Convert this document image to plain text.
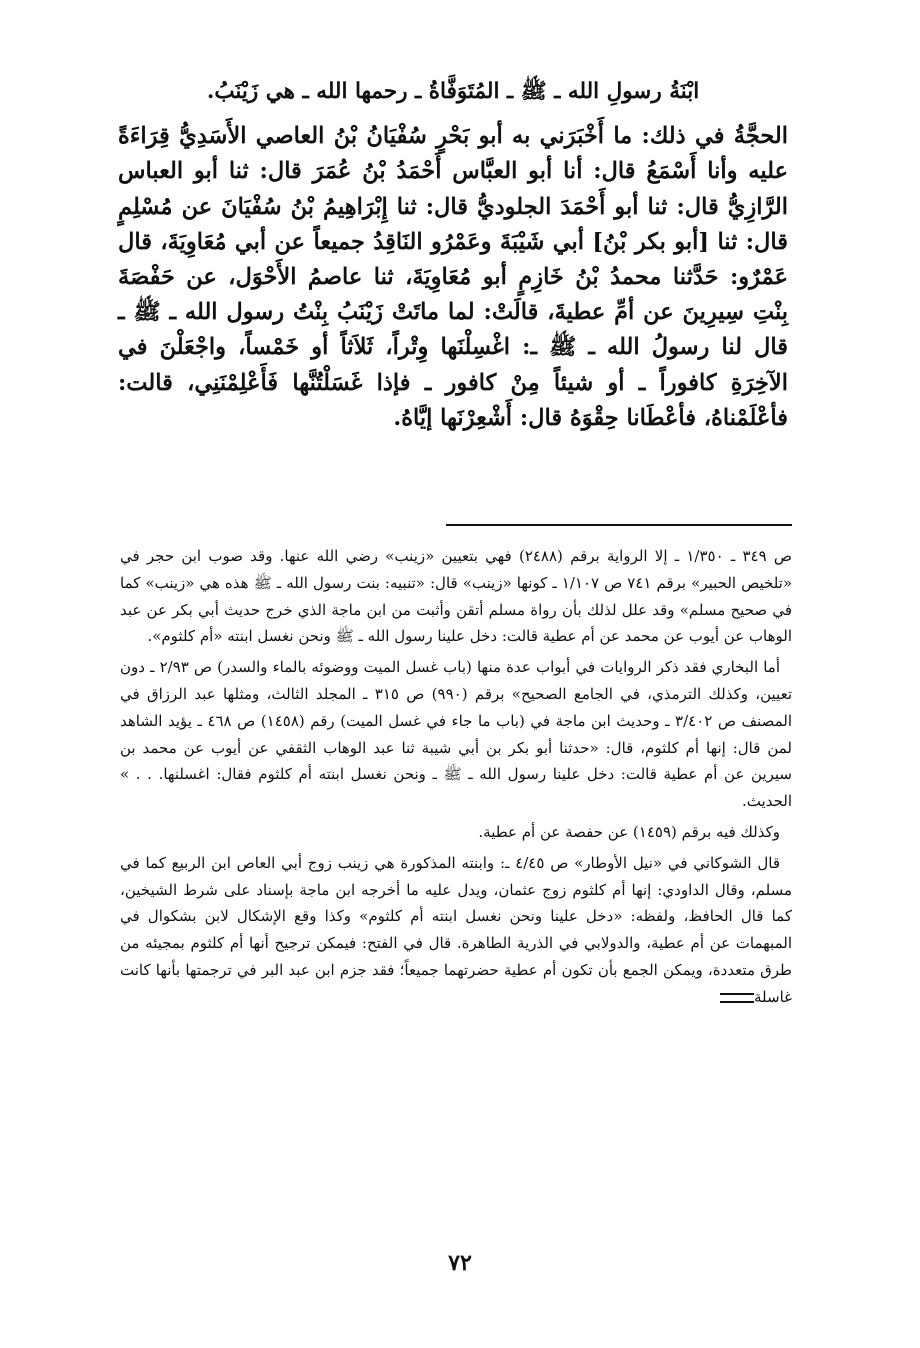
ابْنَةُ رسولِ الله ـ ﷺ ـ المُتَوَفَّاةُ ـ رحمها الله ـ هي زَيْنَبُ.

الحجَّةُ في ذلك: ما أَخْبَرَني به أبو بَحْرٍ سُفْيَانُ بْنُ العاصي الأَسَدِيُّ قِرَاءَةً عليه وأنا أَسْمَعُ قال: أنا أبو العبَّاس أَحْمَدُ بْنُ عُمَرَ قال: ثنا أبو العباس الرَّازِيُّ قال: ثنا أبو أَحْمَدَ الجلوديُّ قال: ثنا إِبْرَاهِيمُ بْنُ سُفْيَانَ عن مُسْلِمٍ قال: ثنا [أبو بكر بْنُ] أبي شَيْبَةَ وعَمْرُو النَاقِدُ جميعاً عن أبي مُعَاوِيَةَ، قال عَمْرٌو: حَدَّثنا محمدُ بْنُ خَازِمٍ أبو مُعَاوِيَةَ، ثنا عاصمُ الأَحْوَل، عن حَفْصَةَ بِنْتِ سِيرِينَ عن أمِّ عطيةَ، قالَتْ: لما ماتَتْ زَيْنَبُ بِنْتُ رسول الله ـ ﷺ ـ قال لنا رسولُ الله ـ ﷺ ـ: اغْسِلْنَها وِتْراً، ثَلاَثاً أو خَمْساً، واجْعَلْنَ في الآخِرَةِ كافوراً ـ أو شيئاً مِنْ كافور ـ فإذا غَسَلْتُنَّها فَأَعْلِمْنَنِي، قالت: فأعْلَمْناهُ، فأعْطَانا حِقْوَهُ قال: أَشْعِرْنَها إيَّاهُ.

ص ٣٤٩ ـ ١/٣٥٠ ـ إلا الرواية برقم (٢٤٨٨) فهي بتعيين «زينب» رضي الله عنها. وقد صوب ابن حجر في «تلخيص الحبير» برقم ٧٤١ ص ١/١٠٧ ـ كونها «زينب» قال: «تنبيه: بنت رسول الله ـ ﷺ هذه هي «زينب» كما في صحيح مسلم» وقد علل لذلك بأن رواة مسلم أتقن وأثبت من ابن ماجة الذي خرج حديث أبي بكر عن عبد الوهاب عن أيوب عن محمد عن أم عطية قالت: دخل علينا رسول الله ـ ﷺ ونحن نغسل ابنته «أم كلثوم».

أما البخاري فقد ذكر الروايات في أبواب عدة منها (باب غسل الميت ووضوئه بالماء والسدر) ص ٢/٩٣ ـ دون تعيين، وكذلك الترمذي، في الجامع الصحيح» برقم (٩٩٠) ص ٣١٥ ـ المجلد الثالث، ومثلها عبد الرزاق في المصنف ص ٣/٤٠٢ ـ وحديث ابن ماجة في (باب ما جاء في غسل الميت) رقم (١٤٥٨) ص ٤٦٨ ـ يؤيد الشاهد لمن قال: إنها أم كلثوم، قال: «حدثنا أبو بكر بن أبي شيبة ثنا عبد الوهاب الثقفي عن أيوب عن محمد بن سيرين عن أم عطية قالت: دخل علينا رسول الله ـ ﷺ ـ ونحن نغسل ابنته أم كلثوم فقال: اغسلنها. . . » الحديث.

وكذلك فيه برقم (١٤٥٩) عن حفصة عن أم عطية.

قال الشوكاني في «نيل الأوطار» ص ٤/٤٥ ـ: وابنته المذكورة هي زينب زوج أبي العاص ابن الربيع كما في مسلم، وقال الداودي: إنها أم كلثوم زوج عثمان، ويدل عليه ما أخرجه ابن ماجة بإسناد على شرط الشيخين، كما قال الحافظ، ولفظه: «دخل علينا ونحن نغسل ابنته أم كلثوم» وكذا وقع الإشكال لابن بشكوال في المبهمات عن أم عطية، والدولابي في الذرية الطاهرة. قال في الفتح: فيمكن ترجيح أنها أم كلثوم بمجيئه من طرق متعددة، ويمكن الجمع بأن تكون أم عطية حضرتهما جميعاً؛ فقد جزم ابن عبد البر في ترجمتها بأنها كانت غاسلة

٧٢
